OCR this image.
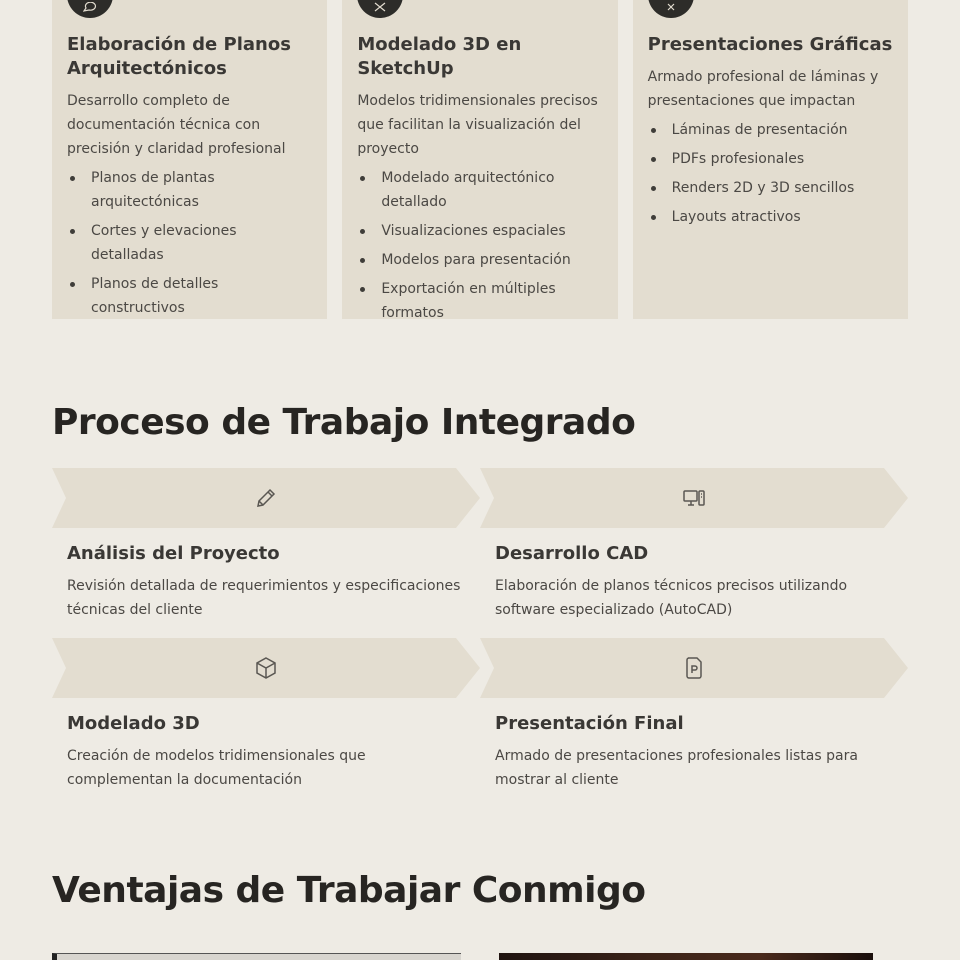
Elaboración de Planos Arquitectónicos

Desarrollo completo de documentación técnica con precisión y claridad profesional

Planos de plantas arquitectónicas
Cortes y elevaciones detalladas
Planos de detalles constructivos
Modelado 3D en SketchUp

Modelos tridimensionales precisos que facilitan la visualización del proyecto

Modelado arquitectónico detallado
Visualizaciones espaciales
Modelos para presentación
Exportación en múltiples formatos
Presentaciones Gráficas

Armado profesional de láminas y presentaciones que impactan

Láminas de presentación
PDFs profesionales
Renders 2D y 3D sencillos
Layouts atractivos
Proceso de Trabajo Integrado
Análisis del Proyecto

Revisión detallada de requerimientos y especificaciones técnicas del cliente

Desarrollo CAD

Elaboración de planos técnicos precisos utilizando software especializado (AutoCAD)

Modelado 3D

Creación de modelos tridimensionales que complementan la documentación

Presentación Final

Armado de presentaciones profesionales listas para mostrar al cliente

Ventajas de Trabajar Conmigo
